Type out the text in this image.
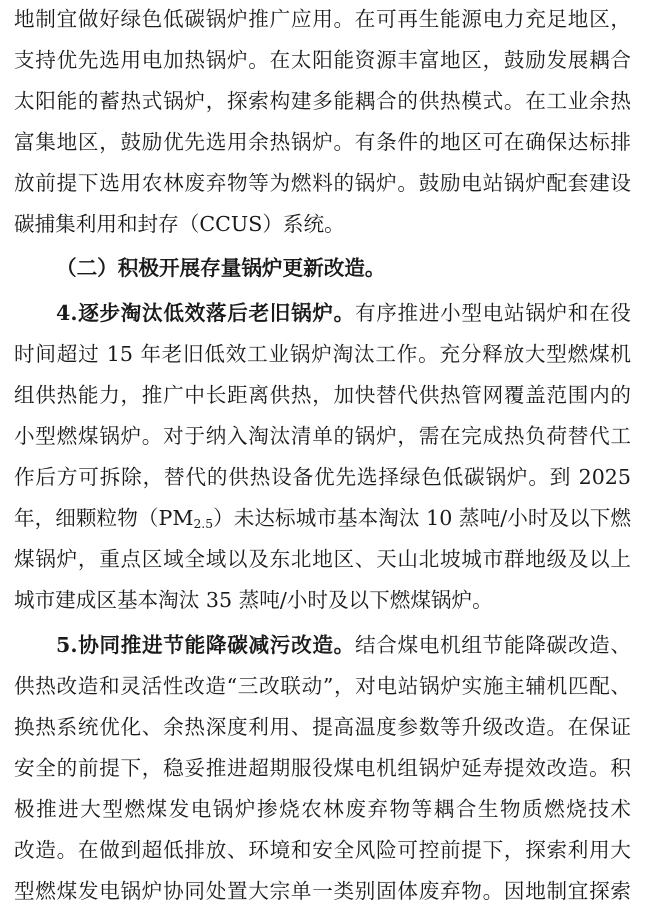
地制宜做好绿色低碳锅炉推广应用。在可再生能源电力充足地区，
支持优先选用电加热锅炉。在太阳能资源丰富地区，鼓励发展耦合
太阳能的蓄热式锅炉，探索构建多能耦合的供热模式。在工业余热
富集地区，鼓励优先选用余热锅炉。有条件的地区可在确保达标排
放前提下选用农林废弃物等为燃料的锅炉。鼓励电站锅炉配套建设
碳捕集利用和封存（CCUS）系统。
（二）积极开展存量锅炉更新改造。
4.逐步淘汰低效落后老旧锅炉。有序推进小型电站锅炉和在役
时间超过 15 年老旧低效工业锅炉淘汰工作。充分释放大型燃煤机
组供热能力，推广中长距离供热，加快替代供热管网覆盖范围内的
小型燃煤锅炉。对于纳入淘汰清单的锅炉，需在完成热负荷替代工
作后方可拆除，替代的供热设备优先选择绿色低碳锅炉。到 2025
年，细颗粒物$(PM_{2.5})$未达标城市基本淘汰 10 蒸吨/小时及以下燃
煤锅炉，重点区域全域以及东北地区、天山北坡城市群地级及以上
城市建成区基本淘汰 35 蒸吨/小时及以下燃煤锅炉。
5.协同推进节能降碳减污改造。结合煤电机组节能降碳改造、
供热改造和灵活性改造“三改联动”，对电站锅炉实施主辅机匹配、
换热系统优化、余热深度利用、提高温度参数等升级改造。在保证
安全的前提下，稳妥推进超期服役煤电机组锅炉延寿提效改造。积
极推进大型燃煤发电锅炉掺烧农林废弃物等耦合生物质燃烧技术
改造。在做到超低排放、环境和安全风险可控前提下，探索利用大
型燃煤发电锅炉协同处置大宗单一类别固体废弃物。因地制宜探索
